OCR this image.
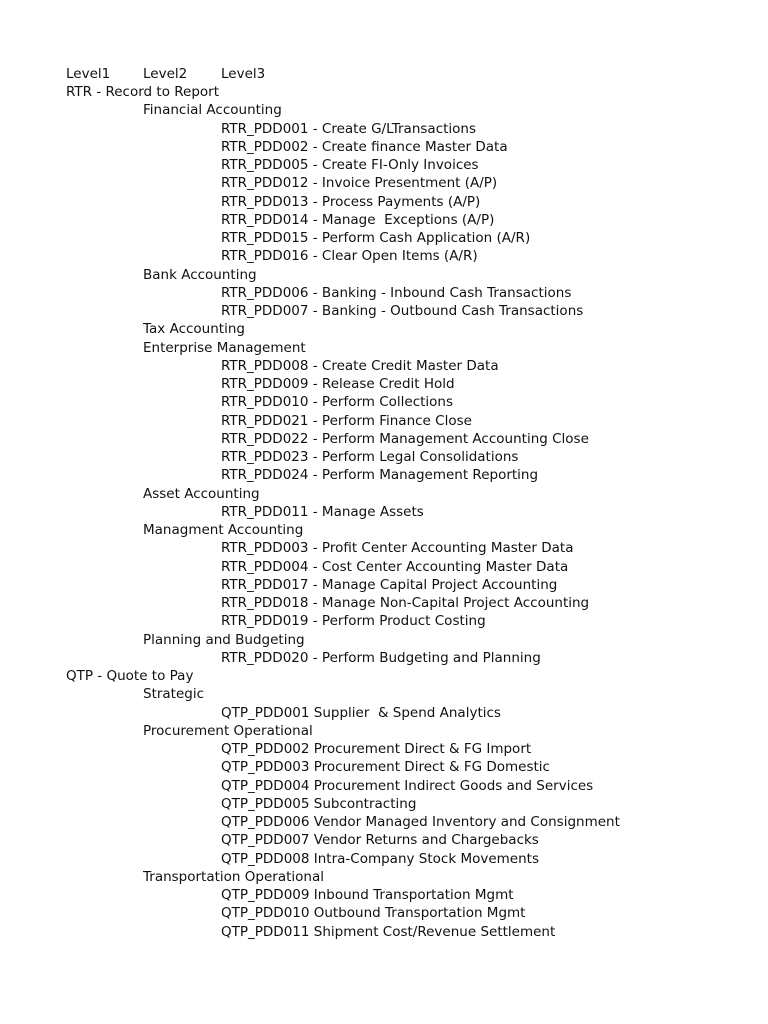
Level1 Level2	Level3
RTR - Record to Report
Financial Accounting
RTR_PDD001 - Create G/LTransactions
RTR_PDD002 - Create finance Master Data
RTR_PDD005 - Create FI-Only Invoices
RTR_PDD012 - Invoice Presentment (A/P)
RTR_PDD013 - Process Payments (A/P)
RTR_PDD014 - Manage  Exceptions (A/P)
RTR_PDD015 - Perform Cash Application (A/R)
RTR_PDD016 - Clear Open Items (A/R)
Bank Accounting
RTR_PDD006 - Banking - Inbound Cash Transactions
RTR_PDD007 - Banking - Outbound Cash Transactions
Tax Accounting
Enterprise Management
RTR_PDD008 - Create Credit Master Data
RTR_PDD009 - Release Credit Hold
RTR_PDD010 - Perform Collections
RTR_PDD021 - Perform Finance Close
RTR_PDD022 - Perform Management Accounting Close
RTR_PDD023 - Perform Legal Consolidations
RTR_PDD024 - Perform Management Reporting
Asset Accounting
RTR_PDD011 - Manage Assets
Managment Accounting
RTR_PDD003 - Profit Center Accounting Master Data
RTR_PDD004 - Cost Center Accounting Master Data
RTR_PDD017 - Manage Capital Project Accounting
RTR_PDD018 - Manage Non-Capital Project Accounting
RTR_PDD019 - Perform Product Costing
Planning and Budgeting
RTR_PDD020 - Perform Budgeting and Planning
QTP - Quote to Pay
Strategic
QTP_PDD001 Supplier  & Spend Analytics
Procurement Operational
QTP_PDD002 Procurement Direct & FG Import
QTP_PDD003 Procurement Direct & FG Domestic
QTP_PDD004 Procurement Indirect Goods and Services
QTP_PDD005 Subcontracting
QTP_PDD006 Vendor Managed Inventory and Consignment
QTP_PDD007 Vendor Returns and Chargebacks
QTP_PDD008 Intra-Company Stock Movements
Transportation Operational
QTP_PDD009 Inbound Transportation Mgmt
QTP_PDD010 Outbound Transportation Mgmt
QTP_PDD011 Shipment Cost/Revenue Settlement
